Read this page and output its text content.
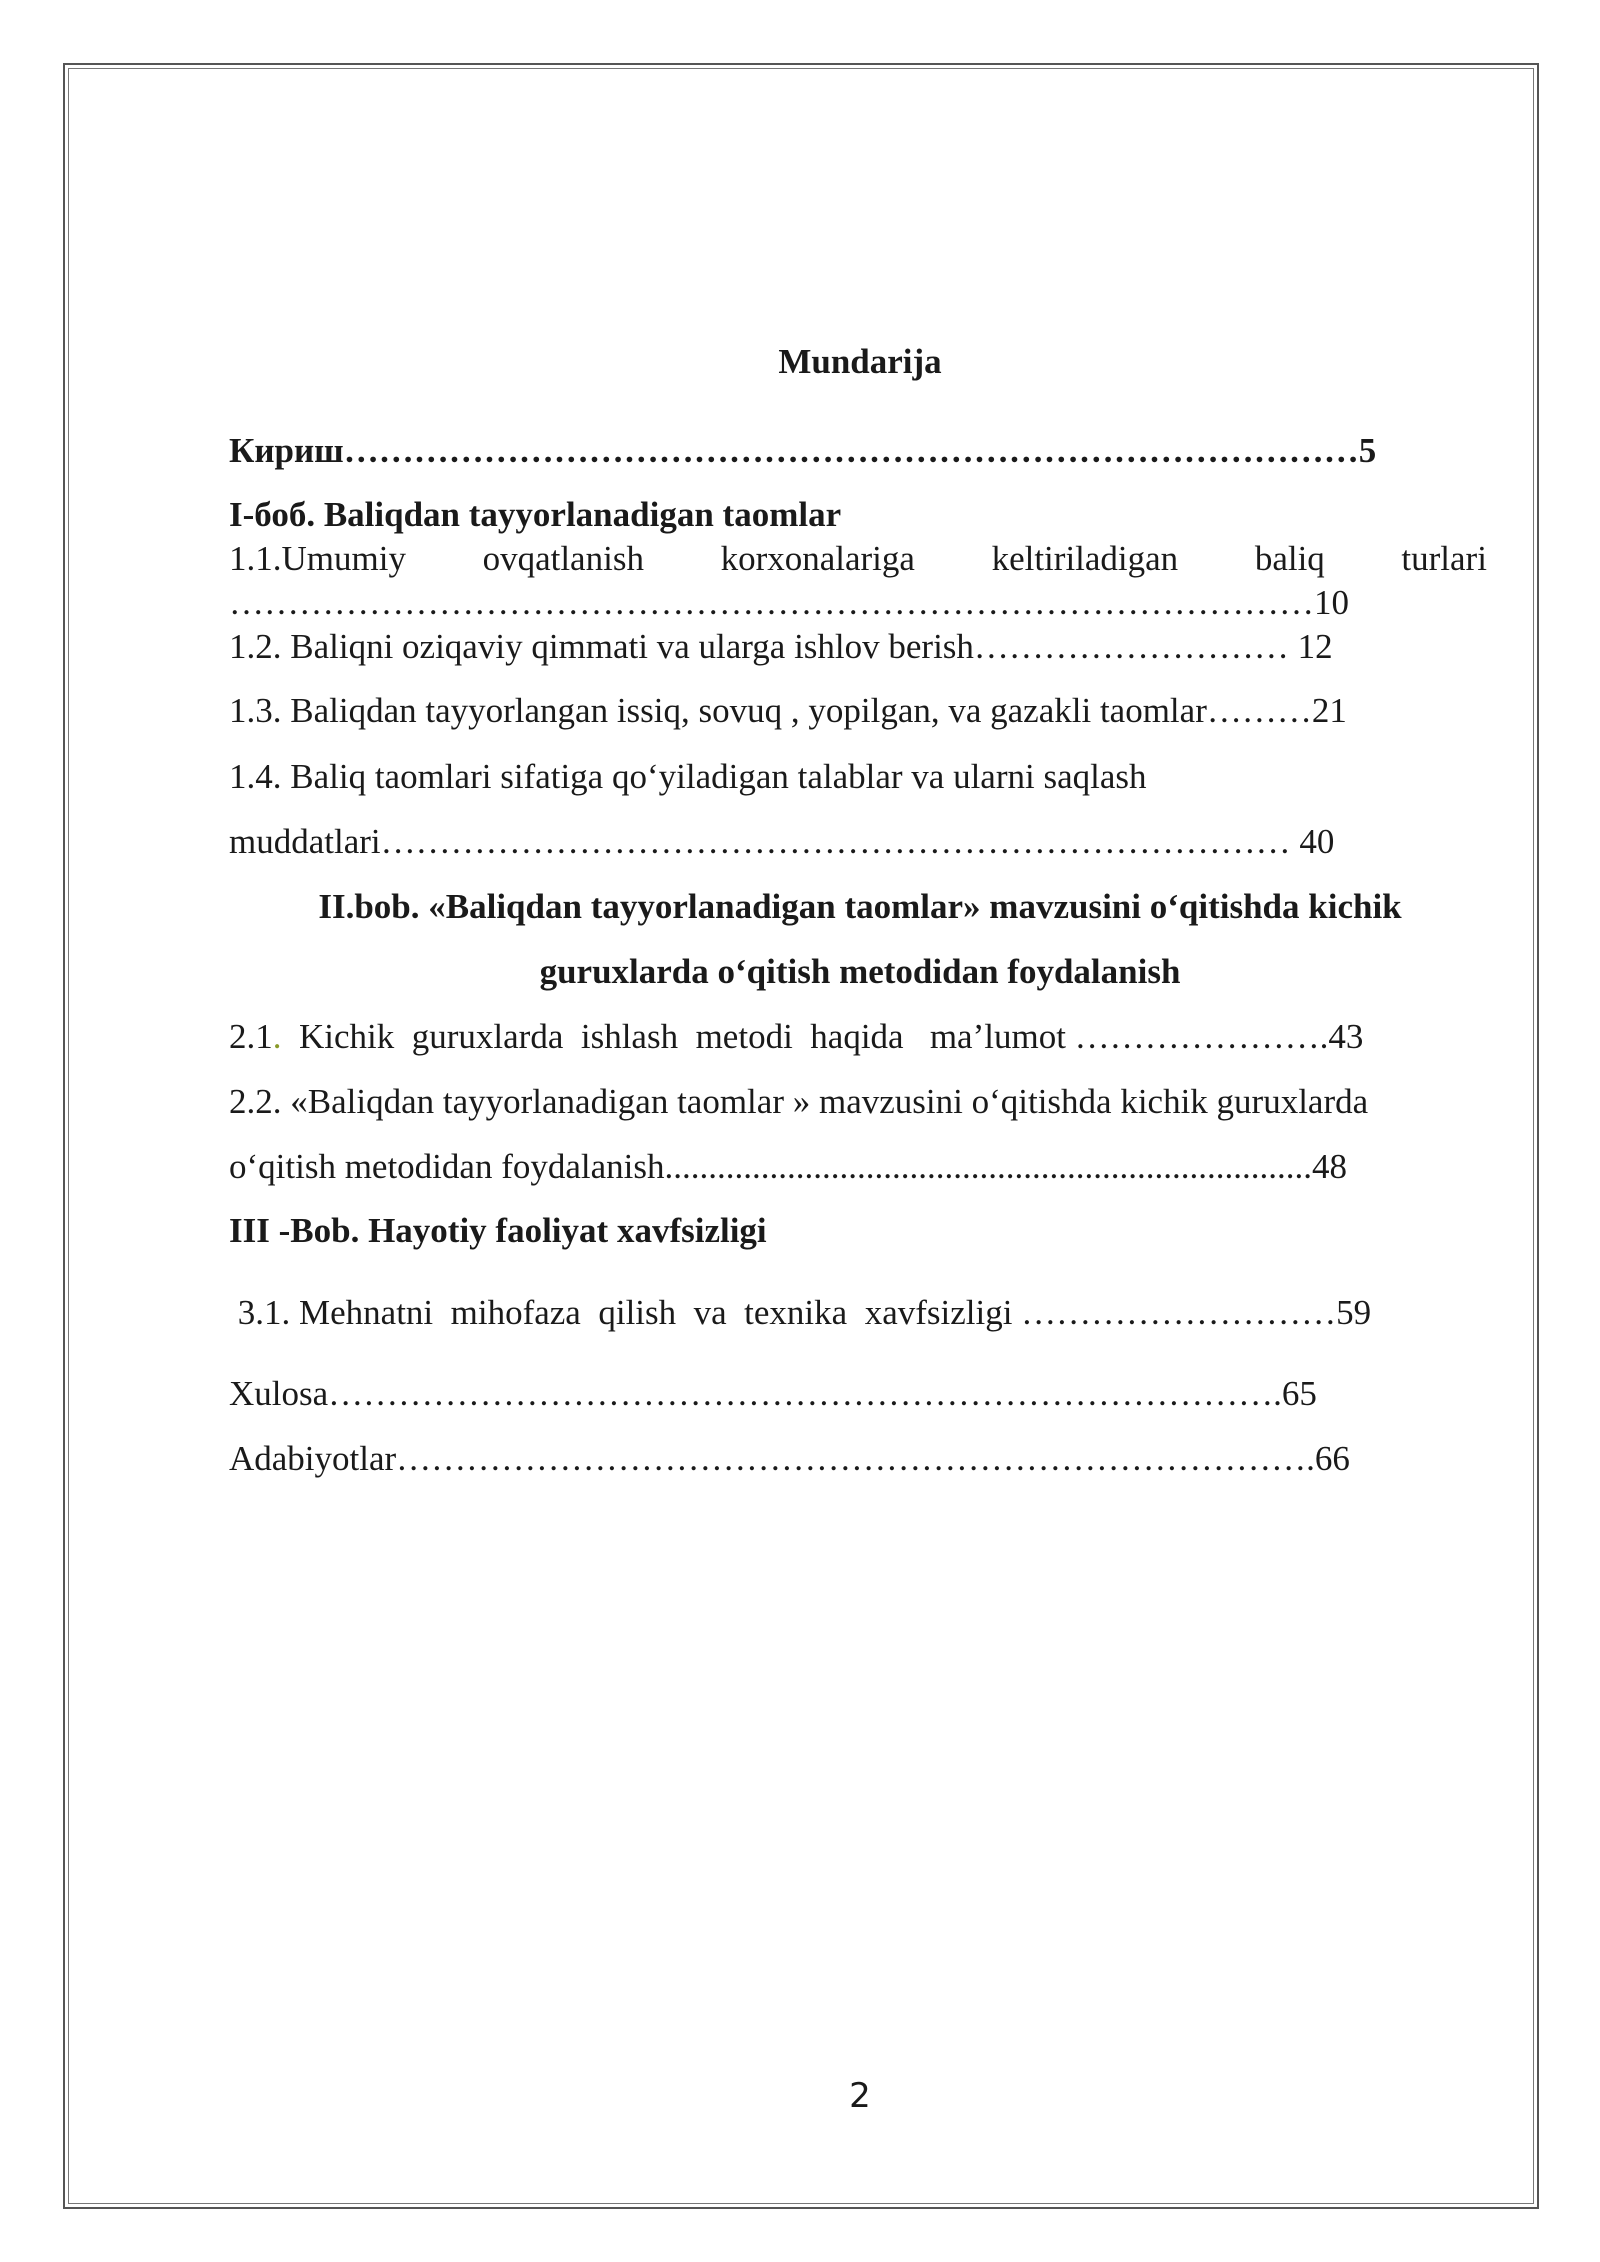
Mundarija
Кириш……………………………………………………………………………5
I-боб. Baliqdan tayyorlanadigan taomlar
1.1.Umumiy ovqatlanish korxonalariga keltiriladigan baliq turlari
…………………………………………………………………………………10
1.2. Baliqni oziqaviy qimmati va ularga ishlov berish……………………… 12
1.3. Baliqdan tayyorlangan issiq, sovuq , yopilgan, va gazakli taomlar………21
1.4. Baliq taomlari sifatiga qo‘yiladigan talablar va ularni saqlash
muddatlari…………………………………………………………………… 40
II.bob. «Baliqdan tayyorlanadigan taomlar» mavzusini o‘qitishda kichik
guruxlarda o‘qitish metodidan foydalanish
2.1.  Kichik  guruxlarda  ishlash  metodi  haqida   ma’lumot ………………….43
2.2. «Baliqdan tayyorlanadigan taomlar » mavzusini o‘qitishda kichik guruxlarda
o‘qitish metodidan foydalanish..........................................................................48
III -Bob. Hayotiy faoliyat xavfsizligi
3.1. Mehnatni  mihofaza  qilish  va  texnika  xavfsizligi ………………………59
Xulosa……………………………………………………………………….65
Adabiyotlar…………………………………………………………………….66
2
